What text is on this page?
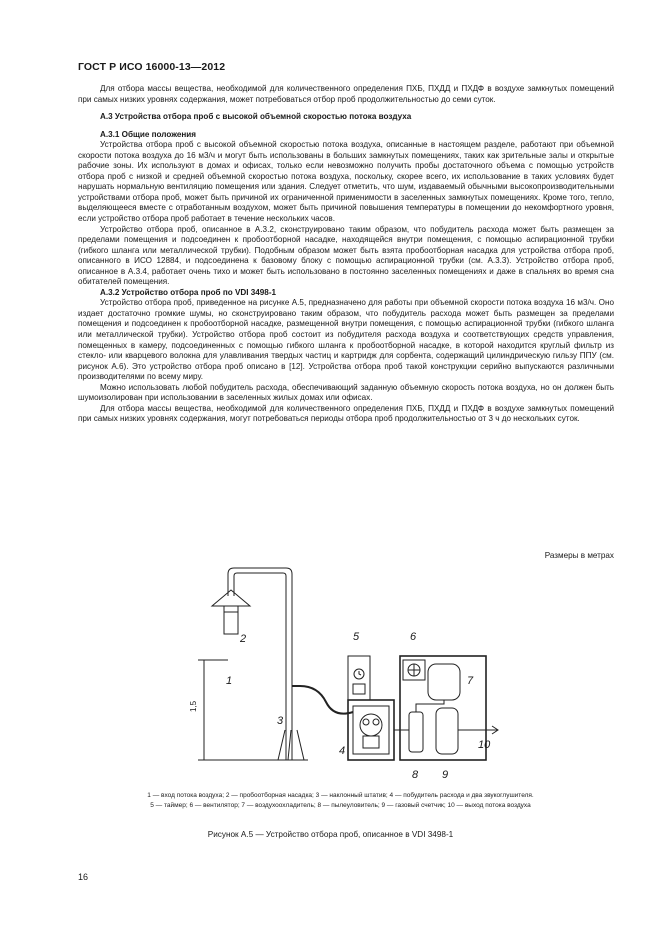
ГОСТ Р ИСО 16000-13—2012

Для отбора массы вещества, необходимой для количественного определения ПХБ, ПХДД и ПХДФ в воздухе замкнутых помещений при самых низких уровнях содержания, может потребоваться отбор проб продолжительностью до семи суток.

А.3 Устройства отбора проб с высокой объемной скоростью потока воздуха
А.3.1 Общие положения

Устройства отбора проб с высокой объемной скоростью потока воздуха, описанные в настоящем разделе, работают при объемной скорости потока воздуха до 16 м3/ч и могут быть использованы в больших замкнутых помещениях, таких как зрительные залы и открытые рабочие зоны. Их используют в домах и офисах, только если невозможно получить пробы достаточного объема с помощью устройств отбора проб с низкой и средней объемной скоростью потока воздуха, поскольку, скорее всего, их использование в таких условиях будет нарушать нормальную вентиляцию помещения или здания. Следует отметить, что шум, издаваемый обычными высокопроизводительными устройствами отбора проб, может быть причиной их ограниченной применимости в заселенных замкнутых помещениях. Кроме того, тепло, выделяющееся вместе с отработанным воздухом, может быть причиной повышения температуры в помещении до некомфортного уровня, если устройство отбора проб работает в течение нескольких часов.

Устройство отбора проб, описанное в А.3.2, сконструировано таким образом, что побудитель расхода может быть размещен за пределами помещения и подсоединен к пробоотборной насадке, находящейся внутри помещения, с помощью аспирационной трубки (гибкого шланга или металлической трубки). Подобным образом может быть взята пробоотборная насадка для устройства отбора проб, описанного в ИСО 12884, и подсоединена к базовому блоку с помощью аспирационной трубки (см. А.3.3). Устройство отбора проб, описанное в А.3.4, работает очень тихо и может быть использовано в постоянно заселенных помещениях и даже в спальнях во время сна обитателей помещения.

А.3.2 Устройство отбора проб по VDI 3498-1

Устройство отбора проб, приведенное на рисунке А.5, предназначено для работы при объемной скорости потока воздуха 16 м3/ч. Оно издает достаточно громкие шумы, но сконструировано таким образом, что побудитель расхода может быть размещен за пределами помещения и подсоединен к пробоотборной насадке, размещенной внутри помещения, с помощью аспирационной трубки (гибкого шланга или металлической трубки). Устройство отбора проб состоит из побудителя расхода воздуха и соответствующих средств управления, помещенных в камеру, подсоединенных с помощью гибкого шланга к пробоотборной насадке, в которой находится круглый фильтр из стекло- или кварцевого волокна для улавливания твердых частиц и картридж для сорбента, содержащий цилиндрическую гильзу ППУ (см. рисунок А.6). Это устройство отбора проб описано в [12]. Устройства отбора проб такой конструкции серийно выпускаются различными производителями по всему миру.

Можно использовать любой побудитель расхода, обеспечивающий заданную объемную скорость потока воздуха, но он должен быть шумоизолирован при использовании в заселенных жилых домах или офисах.

Для отбора массы вещества, необходимой для количественного определения ПХБ, ПХДД и ПХДФ в воздухе замкнутых помещений при самых низких уровнях содержания, могут потребоваться периоды отбора проб продолжительностью от 3 ч до нескольких суток.

Размеры в метрах
2
1
3
4
5	6
7
8 9
10
1,5
1 — вход потока воздуха; 2 — пробоотборная насадка; 3 — наклонный штатив; 4 — побудитель расхода и два звукоглушителя.
5 — таймер; 6 — вентилятор; 7 — воздухоохладитель; 8 — пылеуловитель; 9 — газовый счетчик; 10 — выход потока воздуха
Рисунок А.5 — Устройство отбора проб, описанное в VDI 3498-1
16
